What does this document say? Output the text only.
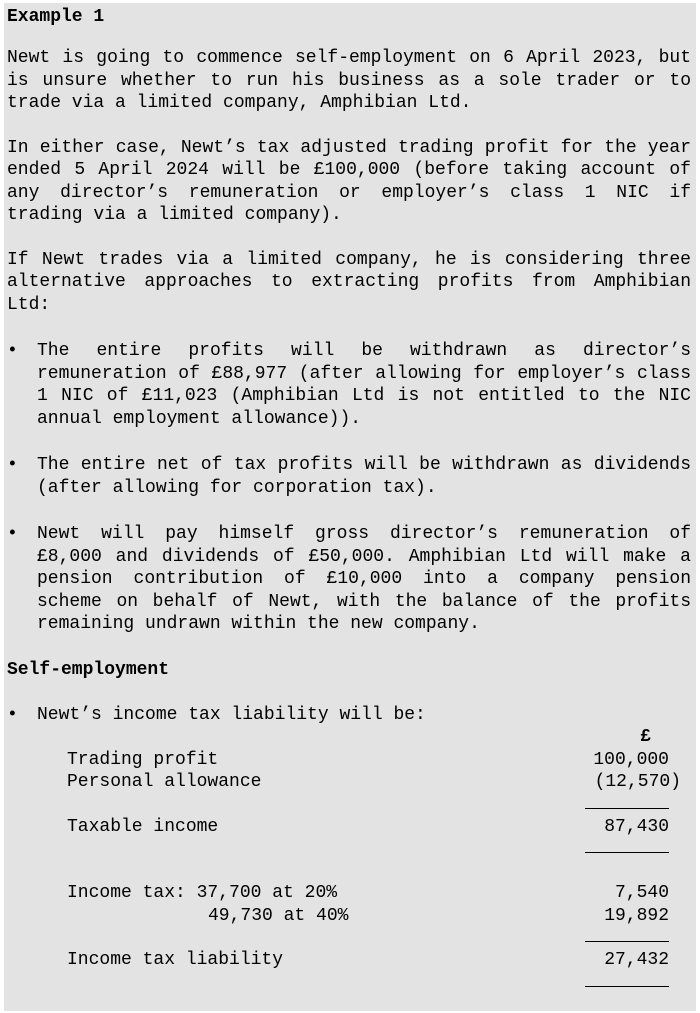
Example 1

Newt is going to commence self-employment on 6 April 2023, but is unsure whether to run his business as a sole trader or to trade via a limited company, Amphibian Ltd.

In either case, Newt’s tax adjusted trading profit for the year ended 5 April 2024 will be £100,000 (before taking account of any director’s remuneration or employer’s class 1 NIC if trading via a limited company).

If Newt trades via a limited company, he is considering three alternative approaches to extracting profits from Amphibian Ltd:

• The entire profits will be withdrawn as director’s remuneration of £88,977 (after allowing for employer’s class 1 NIC of £11,023 (Amphibian Ltd is not entitled to the NIC annual employment allowance)).
• The entire net of tax profits will be withdrawn as dividends (after allowing for corporation tax).
• Newt will pay himself gross director’s remuneration of £8,000 and dividends of £50,000. Amphibian Ltd will make a pension contribution of £10,000 into a company pension scheme on behalf of Newt, with the balance of the profits remaining undrawn within the new company.
Self-employment
• Newt’s income tax liability will be:
£
Trading profit	100,000
Personal allowance	(12,570)
Taxable income	87,430
Income tax: 37,700 at 20%	7,540
49,730 at 40%	19,892
Income tax liability	27,432
